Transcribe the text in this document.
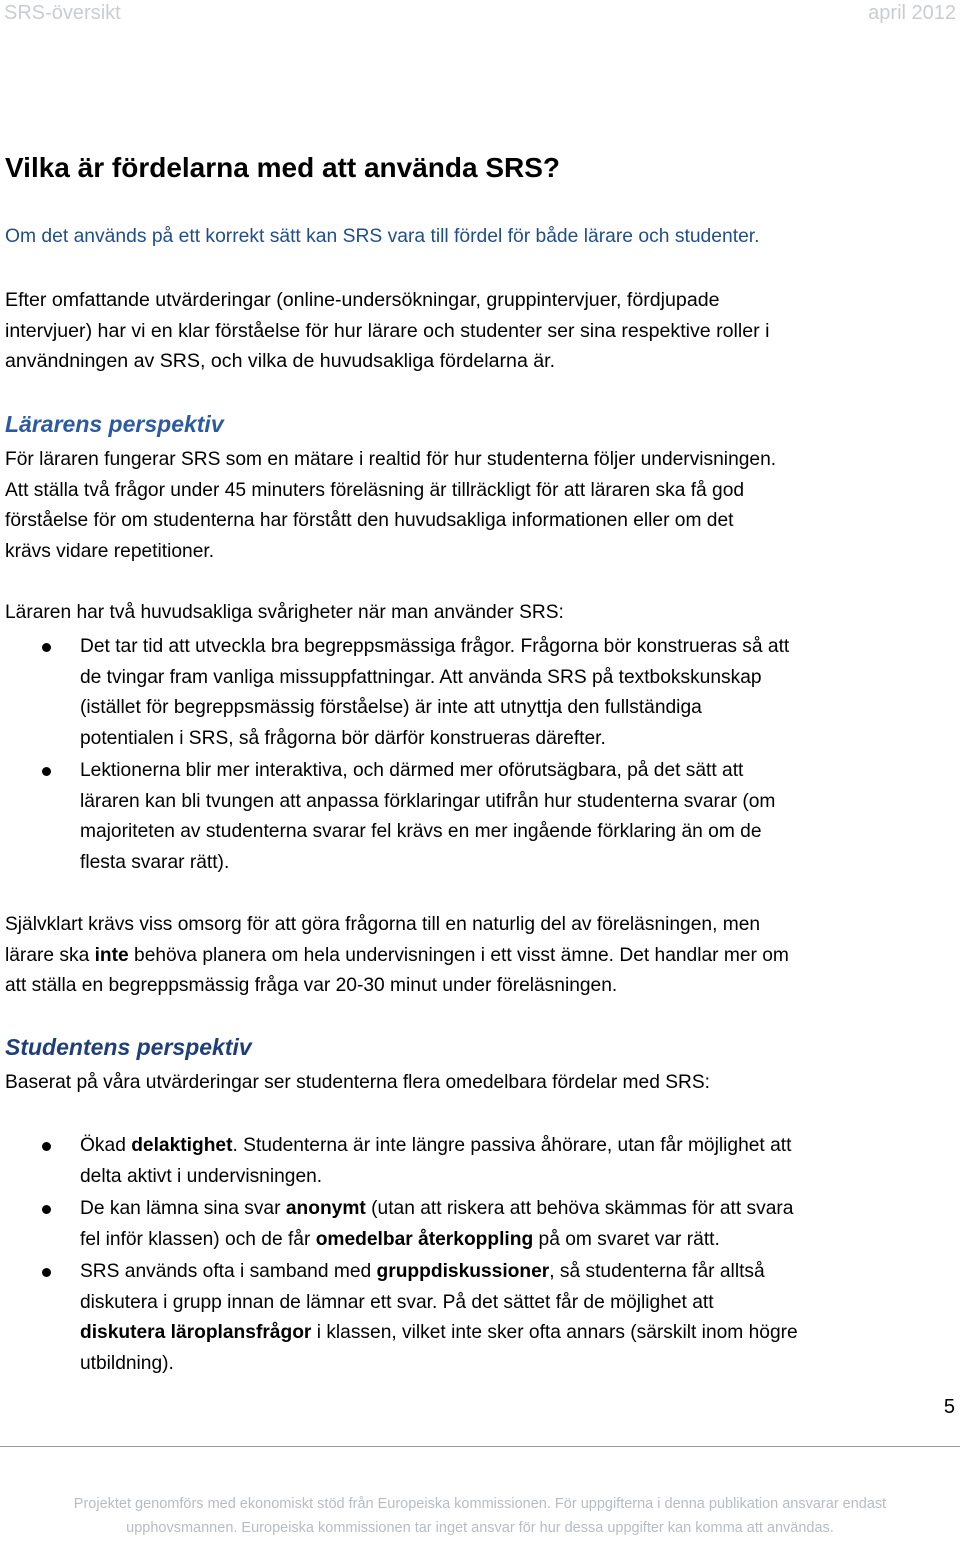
SRS-översikt	april 2012
Vilka är fördelarna med att använda SRS?
Om det används på ett korrekt sätt kan SRS vara till fördel för både lärare och studenter.
Efter omfattande utvärderingar (online-undersökningar, gruppintervjuer, fördjupade
intervjuer) har vi en klar förståelse för hur lärare och studenter ser sina respektive roller i
användningen av SRS, och vilka de huvudsakliga fördelarna är.
Lärarens perspektiv
För läraren fungerar SRS som en mätare i realtid för hur studenterna följer undervisningen.
Att ställa två frågor under 45 minuters föreläsning är tillräckligt för att läraren ska få god
förståelse för om studenterna har förstått den huvudsakliga informationen eller om det
krävs vidare repetitioner.
Läraren har två huvudsakliga svårigheter när man använder SRS:
Det tar tid att utveckla bra begreppsmässiga frågor. Frågorna bör konstrueras så att
de tvingar fram vanliga missuppfattningar. Att använda SRS på textbokskunskap
(istället för begreppsmässig förståelse) är inte att utnyttja den fullständiga
potentialen i SRS, så frågorna bör därför konstrueras därefter.
Lektionerna blir mer interaktiva, och därmed mer oförutsägbara, på det sätt att
läraren kan bli tvungen att anpassa förklaringar utifrån hur studenterna svarar (om
majoriteten av studenterna svarar fel krävs en mer ingående förklaring än om de
flesta svarar rätt).
Självklart krävs viss omsorg för att göra frågorna till en naturlig del av föreläsningen, men
lärare ska inte behöva planera om hela undervisningen i ett visst ämne. Det handlar mer om
att ställa en begreppsmässig fråga var 20-30 minut under föreläsningen.
Studentens perspektiv
Baserat på våra utvärderingar ser studenterna flera omedelbara fördelar med SRS:
Ökad delaktighet. Studenterna är inte längre passiva åhörare, utan får möjlighet att
delta aktivt i undervisningen.
De kan lämna sina svar anonymt (utan att riskera att behöva skämmas för att svara
fel inför klassen) och de får omedelbar återkoppling på om svaret var rätt.
SRS används ofta i samband med gruppdiskussioner, så studenterna får alltså
diskutera i grupp innan de lämnar ett svar. På det sättet får de möjlighet att
diskutera läroplansfrågor i klassen, vilket inte sker ofta annars (särskilt inom högre
utbildning).
5
Projektet genomförs med ekonomiskt stöd från Europeiska kommissionen. För uppgifterna i denna publikation ansvarar endast
upphovsmannen. Europeiska kommissionen tar inget ansvar för hur dessa uppgifter kan komma att användas.
